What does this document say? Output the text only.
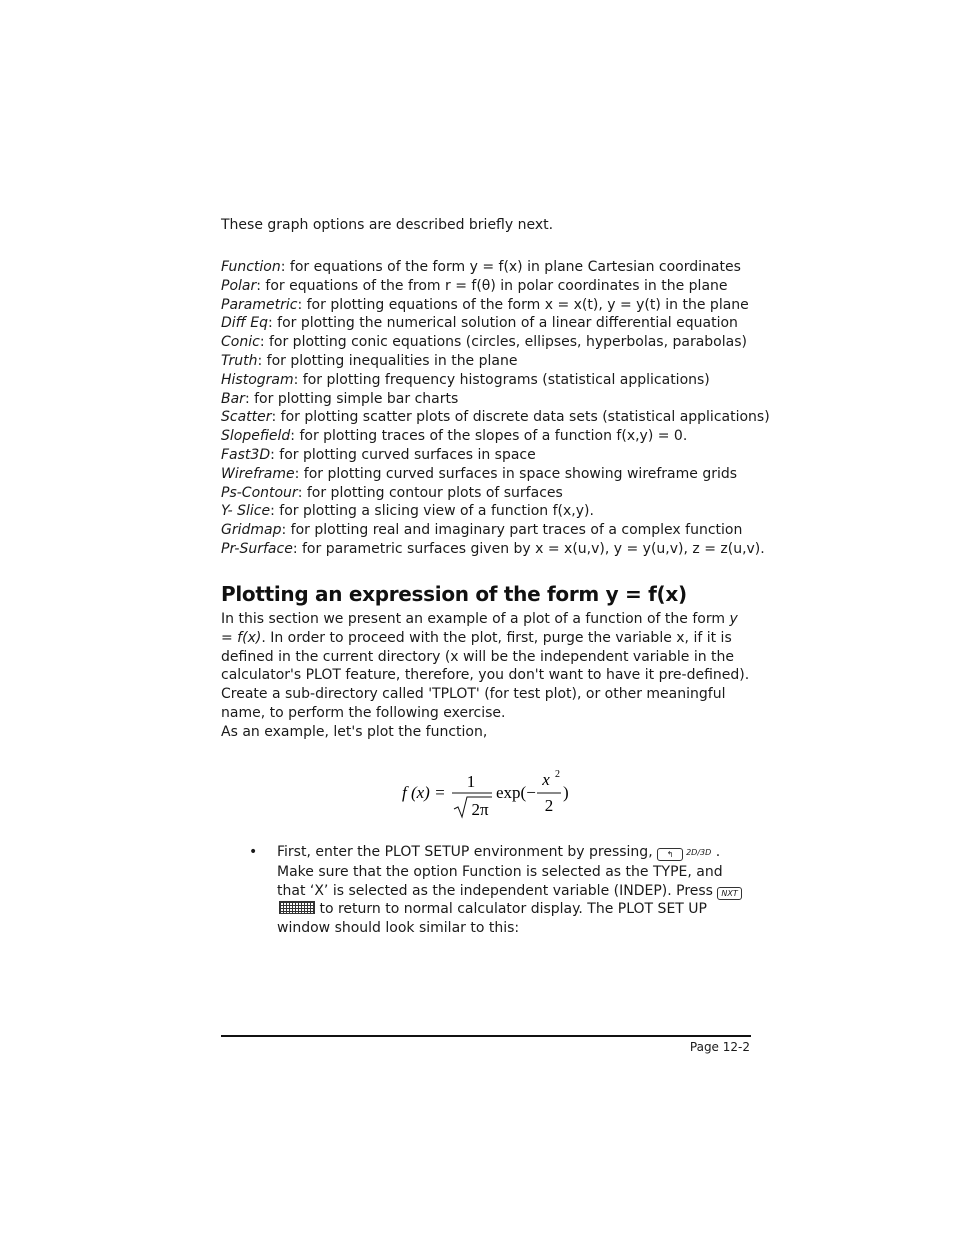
These graph options are described briefly next.
Function: for equations of the form y = f(x) in plane Cartesian coordinates
Polar: for equations of the from r = f(θ) in polar coordinates in the plane
Parametric: for plotting equations of the form x = x(t), y = y(t) in the plane
Diff Eq: for plotting the numerical solution of a linear differential equation
Conic: for plotting conic equations (circles, ellipses, hyperbolas, parabolas)
Truth: for plotting inequalities in the plane
Histogram: for plotting frequency histograms (statistical applications)
Bar: for plotting simple bar charts
Scatter: for plotting scatter plots of discrete data sets (statistical applications)
Slopefield: for plotting traces of the slopes of a function f(x,y) = 0.
Fast3D: for plotting curved surfaces in space
Wireframe: for plotting curved surfaces in space showing wireframe grids
Ps-Contour: for plotting contour plots of surfaces
Y- Slice: for plotting a slicing view of a function f(x,y).
Gridmap: for plotting real and imaginary part traces of a complex function
Pr-Surface: for parametric surfaces given by x = x(u,v), y = y(u,v), z = z(u,v).
Plotting an expression of the form y = f(x)

In this section we present an example of a plot of a function of the form y = f(x). In order to proceed with the plot, first, purge the variable x, if it is defined in the current directory (x will be the independent variable in the calculator's PLOT feature, therefore, you don't want to have it pre-defined). Create a sub-directory called 'TPLOT' (for test plot), or other meaningful name, to perform the following exercise.

As an example, let's plot the function,

f (x) =
1
2π
exp(−
x 2
2
)
• First, enter the PLOT SETUP environment by pressing, ↰ 2D/3D . Make sure that the option Function is selected as the TYPE, and that ‘X’ is selected as the independent variable (INDEP). Press NXT to return to normal calculator display. The PLOT SET UP window should look similar to this:
Page 12-2
